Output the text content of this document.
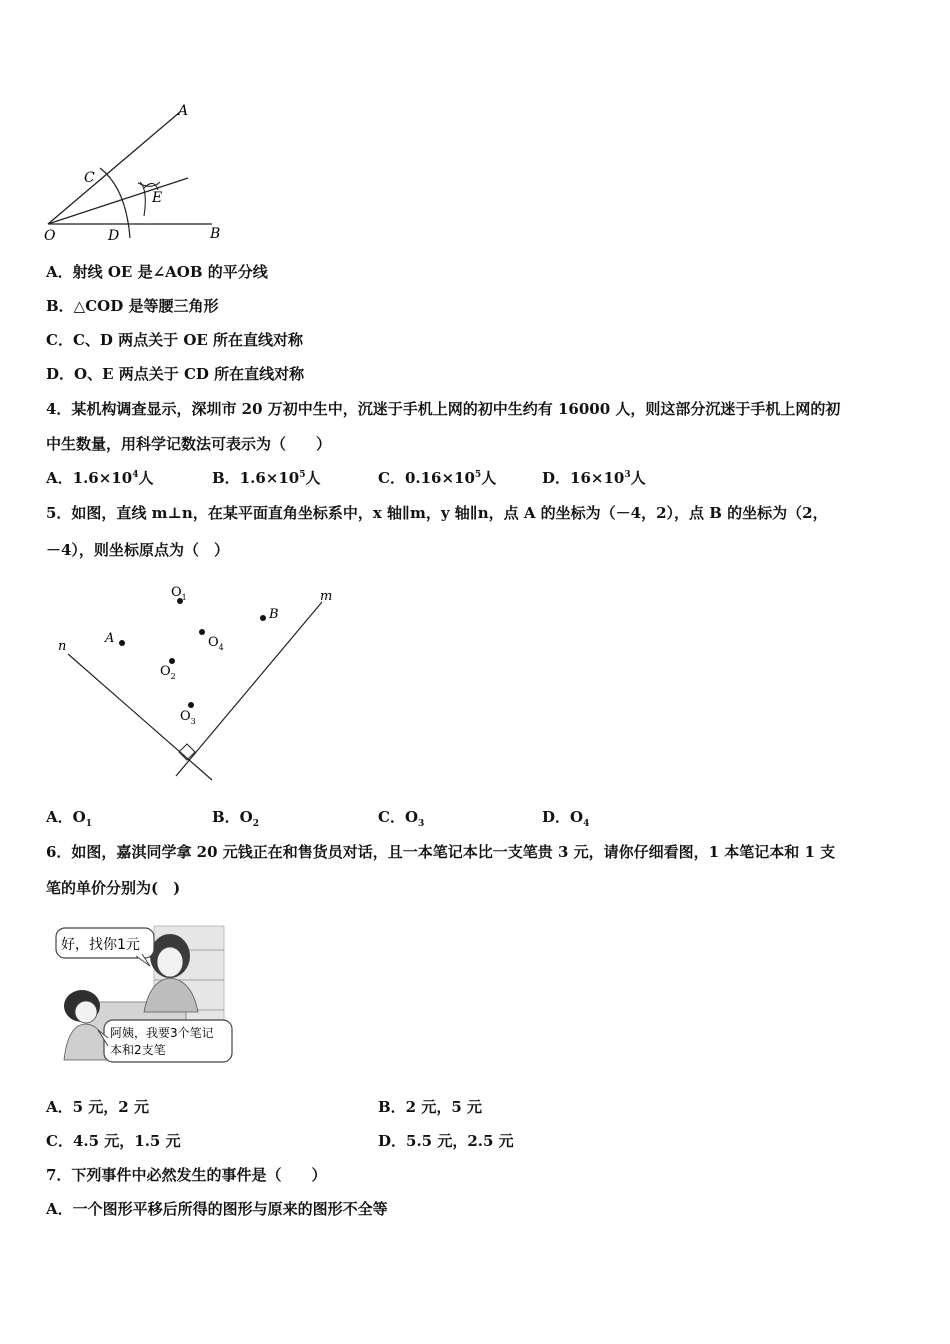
A
C
E
O	D	B
A．射线 OE 是∠AOB 的平分线
B．△COD 是等腰三角形
C．C、D 两点关于 OE 所在直线对称
D．O、E 两点关于 CD 所在直线对称
4．某机构调查显示，深圳市 20 万初中生中，沉迷于手机上网的初中生约有 16000 人，则这部分沉迷于手机上网的初
中生数量，用科学记数法可表示为（　　）
A．$1.6\times 10^4$人	B．$1.6\times 10^5$人	C．$0.16\times 10^5$人	D．$16\times 10^3$人
5．如图，直线 m⊥n，在某平面直角坐标系中，x 轴∥m，y 轴∥n，点 A 的坐标为（－4，2），点 B 的坐标为（2，
－4），则坐标原点为（　）
$O_1$
B
m
n
A	$O_4$
$O_2$
$O_3$
A．$O_1$	B．$O_2$	C．$O_3$	D．$O_4$
6．如图，嘉淇同学拿 20 元钱正在和售货员对话，且一本笔记本比一支笔贵 3 元，请你仔细看图，1 本笔记本和 1 支
笔的单价分别为(　)
好，找你1元
阿姨，我要3个笔记
本和2支笔
A．5 元，2 元	B．2 元，5 元
C．4.5 元，1.5 元	D．5.5 元，2.5 元
7．下列事件中必然发生的事件是（　　）
A．一个图形平移后所得的图形与原来的图形不全等
